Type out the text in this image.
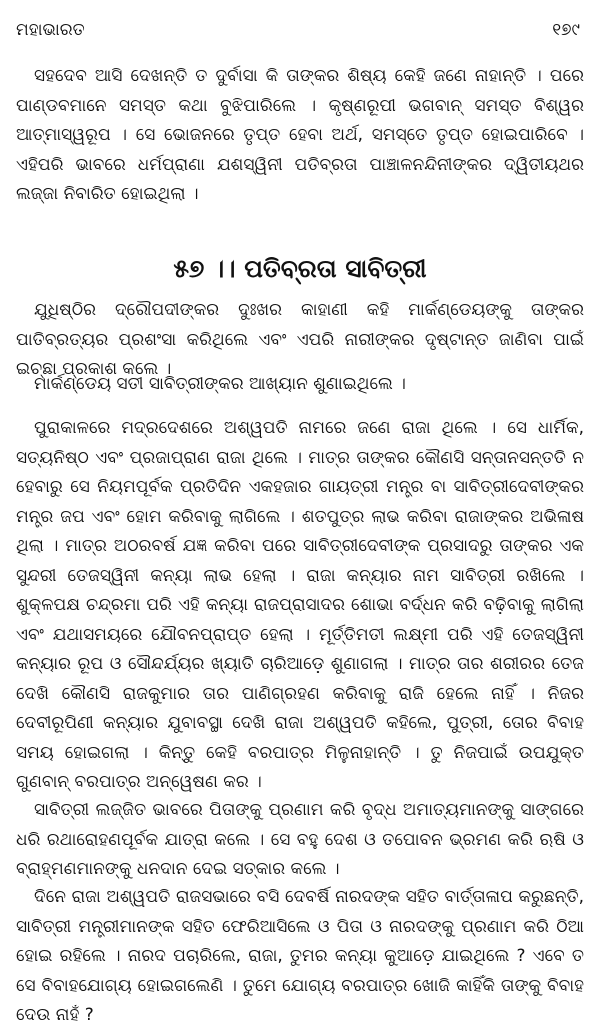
ମହାଭାରତ	୧୭୯

ସହଦେବ ଆସି ଦେଖନ୍ତି ତ ଦୁର୍ବାସା କି ତାଙ୍କର ଶିଷ୍ୟ କେହି ଜଣେ ନାହାନ୍ତି । ପରେ ପାଣ୍ଡବମାନେ ସମସ୍ତ କଥା ବୁଝିପାରିଲେ । କୃଷ୍ଣରୂପୀ ଭଗବାନ୍ ସମସ୍ତ ବିଶ୍ୱର ଆତ୍ମାସ୍ୱରୂପ । ସେ ଭୋଜନରେ ତୃପ୍ତ ହେବା ଅର୍ଥ, ସମସ୍ତେ ତୃପ୍ତ ହୋଇପାରିବେ । ଏହିପରି ଭାବରେ ଧର୍ମପ୍ରାଣା ଯଶସ୍ୱିନୀ ପତିବ୍ରତା ପାଞ୍ଚାଳନନ୍ଦିନୀଙ୍କର ଦ୍ୱିତୀୟଥର ଲଜ୍ଜା ନିବାରିତ ହୋଇଥିଲା ।

୫୭ ।। ପତିବ୍ରତା ସାବିତ୍ରୀ

ଯୁଧିଷ୍ଠିର ଦ୍ରୌପଦୀଙ୍କର ଦୁଃଖର କାହାଣୀ କହି ମାର୍କଣ୍ଡେୟଙ୍କୁ ତାଙ୍କର ପାତିବ୍ରତ୍ୟର ପ୍ରଶଂସା କରିଥିଲେ ଏବଂ ଏପରି ନାରୀଙ୍କର ଦୃଷ୍ଟାନ୍ତ ଜାଣିବା ପାଇଁ ଇଚ୍ଛା ପ୍ରକାଶ କଲେ ।

ମାର୍କଣ୍ଡେୟ ସତୀ ସାବିତ୍ରୀଙ୍କର ଆଖ୍ୟାନ ଶୁଣାଇଥିଲେ ।

ପୁରାକାଳରେ ମଦ୍ରଦେଶରେ ଅଶ୍ୱପତି ନାମରେ ଜଣେ ରାଜା ଥିଲେ । ସେ ଧାର୍ମିକ, ସତ୍ୟନିଷ୍ଠ ଏବଂ ପ୍ରଜାପ୍ରାଣ ରାଜା ଥିଲେ । ମାତ୍ର ତାଙ୍କର କୌଣସି ସନ୍ତାନସନ୍ତତି ନ ହେବାରୁ ସେ ନିୟମପୂର୍ବକ ପ୍ରତିଦିନ ଏକହଜାର ଗାୟତ୍ରୀ ମନ୍ତ୍ର ବା ସାବିତ୍ରୀଦେବୀଙ୍କର ମନ୍ତ୍ର ଜପ ଏବଂ ହୋମ କରିବାକୁ ଲାଗିଲେ । ଶତପୁତ୍ର ଲାଭ କରିବା ରାଜାଙ୍କର ଅଭିଳାଷ ଥିଲା । ମାତ୍ର ଅଠରବର୍ଷ ଯଜ୍ଞ କରିବା ପରେ ସାବିତ୍ରୀଦେବୀଙ୍କ ପ୍ରସାଦରୁ ତାଙ୍କର ଏକ ସୁନ୍ଦରୀ ତେଜସ୍ୱିନୀ କନ୍ୟା ଲାଭ ହେଲା । ରାଜା କନ୍ୟାର ନାମ ସାବିତ୍ରୀ ରଖିଲେ । ଶୁକ୍ଳପକ୍ଷ ଚନ୍ଦ୍ରମା ପରି ଏହି କନ୍ୟା ରାଜପ୍ରାସାଦର ଶୋଭା ବର୍ଦ୍ଧନ କରି ବଢ଼ିବାକୁ ଲାଗିଲା ଏବଂ ଯଥାସମୟରେ ଯୌବନପ୍ରାପ୍ତ ହେଲା । ମୂର୍ତ୍ତିମତୀ ଲକ୍ଷ୍ମୀ ପରି ଏହି ତେଜସ୍ୱିନୀ କନ୍ୟାର ରୂପ ଓ ସୌନ୍ଦର୍ଯ୍ୟର ଖ୍ୟାତି ଚାରିଆଡ଼େ ଶୁଣାଗଲା । ମାତ୍ର ତାର ଶରୀରର ତେଜ ଦେଖି କୌଣସି ରାଜକୁମାର ତାର ପାଣିଗ୍ରହଣ କରିବାକୁ ରାଜି ହେଲେ ନାହିଁ । ନିଜର ଦେବୀରୂପିଣୀ କନ୍ୟାର ଯୁବାବସ୍ଥା ଦେଖି ରାଜା ଅଶ୍ୱପତି କହିଲେ, ପୁତ୍ରୀ, ତୋର ବିବାହ ସମୟ ହୋଇଗଲା । କିନ୍ତୁ କେହି ବରପାତ୍ର ମିଳୁନାହାନ୍ତି । ତୁ ନିଜପାଇଁ ଉପଯୁକ୍ତ ଗୁଣବାନ୍ ବରପାତ୍ର ଅନ୍ୱେଷଣ କର ।

ସାବିତ୍ରୀ ଲଜ୍ଜିତ ଭାବରେ ପିତାଙ୍କୁ ପ୍ରଣାମ କରି ବୃଦ୍ଧ ଅମାତ୍ୟମାନଙ୍କୁ ସାଙ୍ଗରେ ଧରି ରଥାରୋହଣପୂର୍ବକ ଯାତ୍ରା କଲେ । ସେ ବହୁ ଦେଶ ଓ ତପୋବନ ଭ୍ରମଣ କରି ଋଷି ଓ ବ୍ରାହ୍ମଣମାନଙ୍କୁ ଧନଦାନ ଦେଇ ସତ୍କାର କଲେ ।

ଦିନେ ରାଜା ଅଶ୍ୱପତି ରାଜସଭାରେ ବସି ଦେବର୍ଷି ନାରଦଙ୍କ ସହିତ ବାର୍ତ୍ତାଳାପ କରୁଛନ୍ତି, ସାବିତ୍ରୀ ମନ୍ତ୍ରୀମାନଙ୍କ ସହିତ ଫେରିଆସିଲେ ଓ ପିତା ଓ ନାରଦଙ୍କୁ ପ୍ରଣାମ କରି ଠିଆ ହୋଇ ରହିଲେ । ନାରଦ ପଚାରିଲେ, ରାଜା, ତୁମର କନ୍ୟା କୁଆଡ଼େ ଯାଇଥିଲେ ? ଏବେ ତ ସେ ବିବାହଯୋଗ୍ୟ ହୋଇଗଲେଣି । ତୁମେ ଯୋଗ୍ୟ ବରପାତ୍ର ଖୋଜି କାହିଁକି ତାଙ୍କୁ ବିବାହ ଦେଉ ନାହଁ ?
